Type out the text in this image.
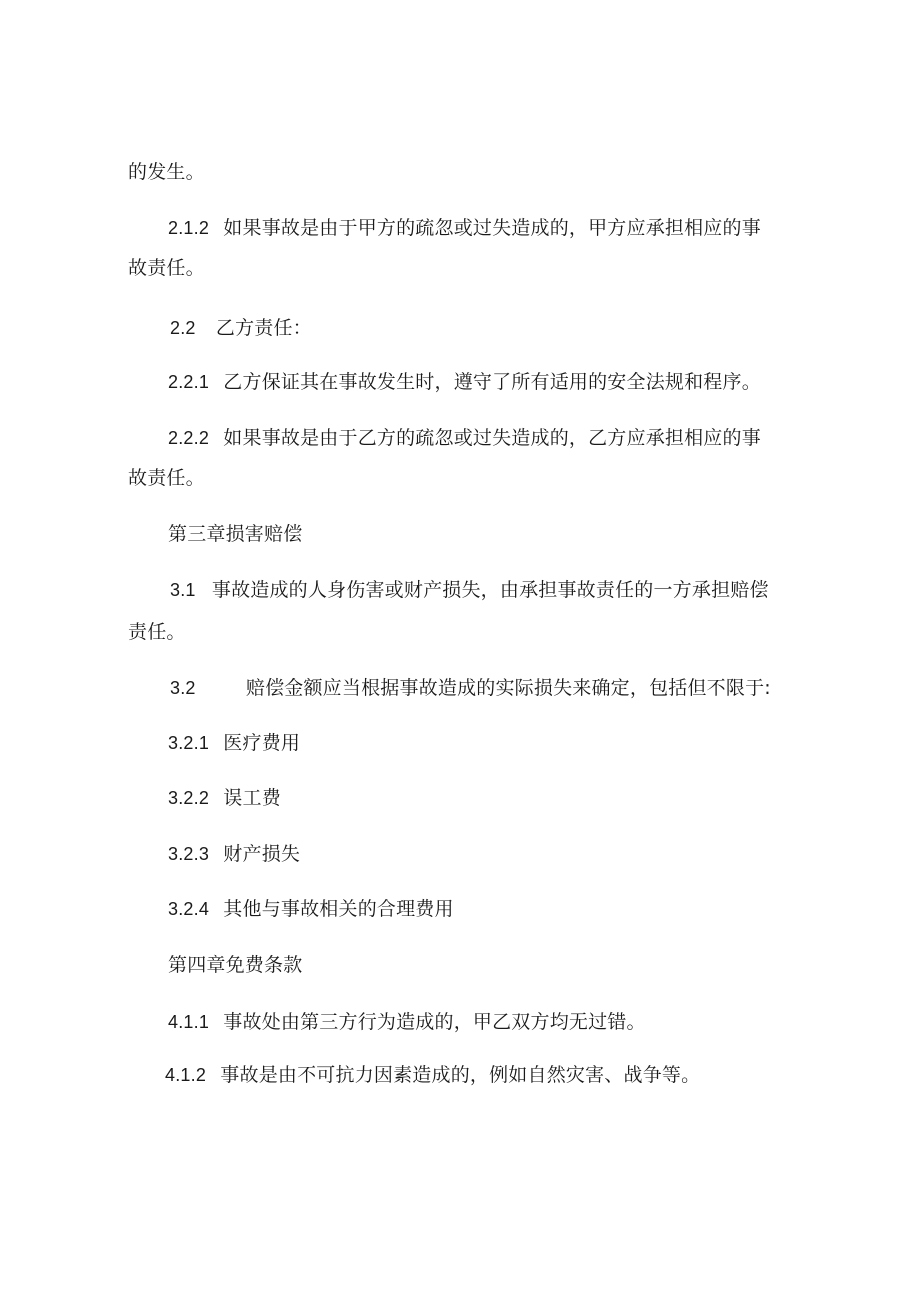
的发生。
2.1.2 如果事故是由于甲方的疏忽或过失造成的，甲方应承担相应的事
故责任。
2.2 乙方责任：
2.2.1 乙方保证其在事故发生时，遵守了所有适用的安全法规和程序。
2.2.2 如果事故是由于乙方的疏忽或过失造成的，乙方应承担相应的事
故责任。
第三章损害赔偿
3.1 事故造成的人身伤害或财产损失，由承担事故责任的一方承担赔偿
责任。
3.2	赔偿金额应当根据事故造成的实际损失来确定，包括但不限于:
3.2.1 医疗费用
3.2.2 误工费
3.2.3 财产损失
3.2.4 其他与事故相关的合理费用
第四章免费条款
4.1.1 事故处由第三方行为造成的，甲乙双方均无过错。
4.1.2 事故是由不可抗力因素造成的，例如自然灾害、战争等。
